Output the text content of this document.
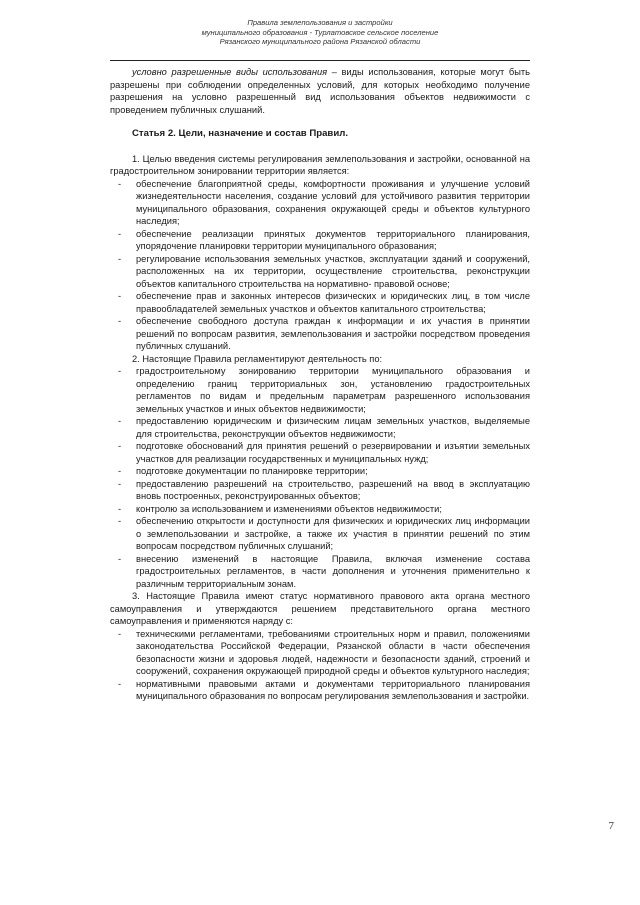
Правила землепользования и застройки
муниципального образования - Турлатовское сельское поселение
Рязанского муниципального района Рязанской области

условно разрешенные виды использования – виды использования, которые могут быть разрешены при соблюдении определенных условий, для которых необходимо получение разрешения на условно разрешенный вид использования объектов недвижимости с проведением публичных слушаний.

Статья 2. Цели, назначение и состав Правил.

1. Целью введения системы регулирования землепользования и застройки, основанной на градостроительном зонировании территории является:

- обеспечение благоприятной среды, комфортности проживания и улучшение условий жизнедеятельности населения, создание условий для устойчивого развития территории муниципального образования, сохранения окружающей среды и объектов культурного наследия;
- обеспечение реализации принятых документов территориального планирования, упорядочение планировки территории муниципального образования;
- регулирование использования земельных участков, эксплуатации зданий и сооружений, расположенных на их территории, осуществление строительства, реконструкции объектов капитального строительства на нормативно- правовой основе;
- обеспечение прав и законных интересов физических и юридических лиц, в том числе правообладателей земельных участков и объектов капитального строительства;
- обеспечение свободного доступа граждан к информации и их участия в принятии решений по вопросам развития, землепользования и застройки посредством проведения публичных слушаний.

2. Настоящие Правила регламентируют деятельность по:

- градостроительному зонированию территории муниципального образования и определению границ территориальных зон, установлению градостроительных регламентов по видам и предельным параметрам разрешенного использования земельных участков и иных объектов недвижимости;
- предоставлению юридическим и физическим лицам земельных участков, выделяемые для строительства, реконструкции объектов недвижимости;
- подготовке обоснований для принятия решений о резервировании и изъятии земельных участков для реализации государственных и муниципальных нужд;
- подготовке документации по планировке территории;
- предоставлению разрешений на строительство, разрешений на ввод в эксплуатацию вновь построенных, реконструированных объектов;
- контролю за использованием и изменениями объектов недвижимости;
- обеспечению открытости и доступности для физических и юридических лиц информации о землепользовании и застройке, а также их участия в принятии решений по этим вопросам посредством публичных слушаний;
- внесению изменений в настоящие Правила, включая изменение состава градостроительных регламентов, в части дополнения и уточнения применительно к различным территориальным зонам.

3. Настоящие Правила имеют статус нормативного правового акта органа местного самоуправления и утверждаются решением представительного органа местного самоуправления и применяются наряду с:

- техническими регламентами, требованиями строительных норм и правил, положениями законодательства Российской Федерации, Рязанской области в части обеспечения безопасности жизни и здоровья людей, надежности и безопасности зданий, строений и сооружений, сохранения окружающей природной среды и объектов культурного наследия;
- нормативными правовыми актами и документами территориального планирования муниципального образования по вопросам регулирования землепользования и застройки.
7
